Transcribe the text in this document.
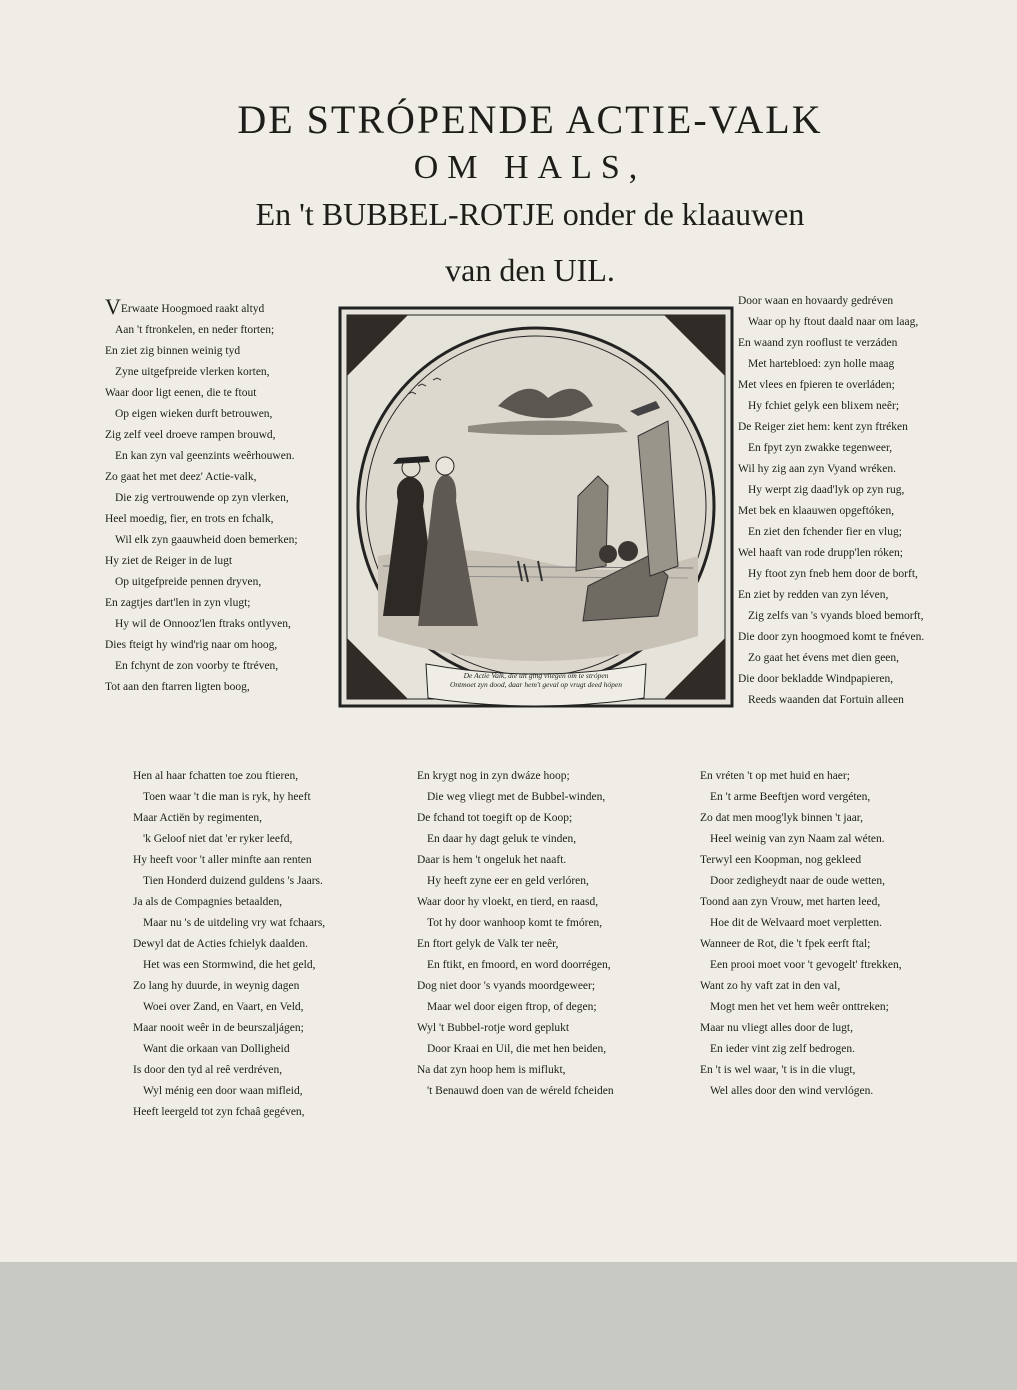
DE STRÓPENDE ACTIE-VALK
OM HALS,
En 't BUBBEL-ROTJE onder de klaauwen
van den UIL.
VErwaate Hoogmoed raakt altyd
Aan 't ftronkelen, en neder ftorten;
En ziet zig binnen weinig tyd
Zyne uitgefpreide vlerken korten,
Waar door ligt eenen, die te ftout
Op eigen wieken durft betrouwen,
Zig zelf veel droeve rampen brouwd,
En kan zyn val geenzints weêrhouwen.
Zo gaat het met deez' Actie-valk,
Die zig vertrouwende op zyn vlerken,
Heel moedig, fier, en trots en fchalk,
Wil elk zyn gaauwheid doen bemerken;
Hy ziet de Reiger in de lugt
Op uitgefpreide pennen dryven,
En zagtjes dart'len in zyn vlugt;
Hy wil de Onnooz'len ftraks ontlyven,
Dies fteigt hy wind'rig naar om hoog,
En fchynt de zon voorby te ftréven,
Tot aan den ftarren ligten boog,
Door waan en hovaardy gedréven
Waar op hy ftout daald naar om laag,
En waand zyn rooflust te verzáden
Met hartebloed: zyn holle maag
Met vlees en fpieren te overláden;
Hy fchiet gelyk een blixem neêr;
De Reiger ziet hem: kent zyn ftréken
En fpyt zyn zwakke tegenweer,
Wil hy zig aan zyn Vyand wréken.
Hy werpt zig daad'lyk op zyn rug,
Met bek en klaauwen opgeftóken,
En ziet den fchender fier en vlug;
Wel haaft van rode drupp'len róken;
Hy ftoot zyn fneb hem door de borft,
En ziet by redden van zyn léven,
Zig zelfs van 's vyands bloed bemorft,
Die door zyn hoogmoed komt te fnéven.
Zo gaat het évens met dien geen,
Die door bekladde Windpapieren,
Reeds waanden dat Fortuin alleen
De Actie Valk, die uit ging vliegen om te strópen
Ontmoet zyn dood, daar hem't geval op vrugt deed hópen
Hen al haar fchatten toe zou ftieren,
Toen waar 't die man is ryk, hy heeft
Maar Actiën by regimenten,
'k Geloof niet dat 'er ryker leefd,
Hy heeft voor 't aller minfte aan renten
Tien Honderd duizend guldens 's Jaars.
Ja als de Compagnies betaalden,
Maar nu 's de uitdeling vry wat fchaars,
Dewyl dat de Acties fchielyk daalden.
Het was een Stormwind, die het geld,
Zo lang hy duurde, in weynig dagen
Woei over Zand, en Vaart, en Veld,
Maar nooit weêr in de beurszaljágen;
Want die orkaan van Dolligheid
Is door den tyd al reê verdréven,
Wyl ménig een door waan mifleid,
Heeft leergeld tot zyn fchaâ gegéven,
En krygt nog in zyn dwáze hoop;
Die weg vliegt met de Bubbel-winden,
De fchand tot toegift op de Koop;
En daar hy dagt geluk te vinden,
Daar is hem 't ongeluk het naaft.
Hy heeft zyne eer en geld verlóren,
Waar door hy vloekt, en tierd, en raasd,
Tot hy door wanhoop komt te fmóren,
En ftort gelyk de Valk ter neêr,
En ftikt, en fmoord, en word doorrégen,
Dog niet door 's vyands moordgeweer;
Maar wel door eigen ftrop, of degen;
Wyl 't Bubbel-rotje word geplukt
Door Kraai en Uil, die met hen beiden,
Na dat zyn hoop hem is miflukt,
't Benauwd doen van de wéreld fcheiden
En vréten 't op met huid en haer;
En 't arme Beeftjen word vergéten,
Zo dat men moog'lyk binnen 't jaar,
Heel weinig van zyn Naam zal wéten.
Terwyl een Koopman, nog gekleed
Door zedigheydt naar de oude wetten,
Toond aan zyn Vrouw, met harten leed,
Hoe dit de Welvaard moet verpletten.
Wanneer de Rot, die 't fpek eerft ftal;
Een prooi moet voor 't gevogelt' ftrekken,
Want zo hy vaft zat in den val,
Mogt men het vet hem weêr onttreken;
Maar nu vliegt alles door de lugt,
En ieder vint zig zelf bedrogen.
En 't is wel waar, 't is in die vlugt,
Wel alles door den wind vervlógen.
